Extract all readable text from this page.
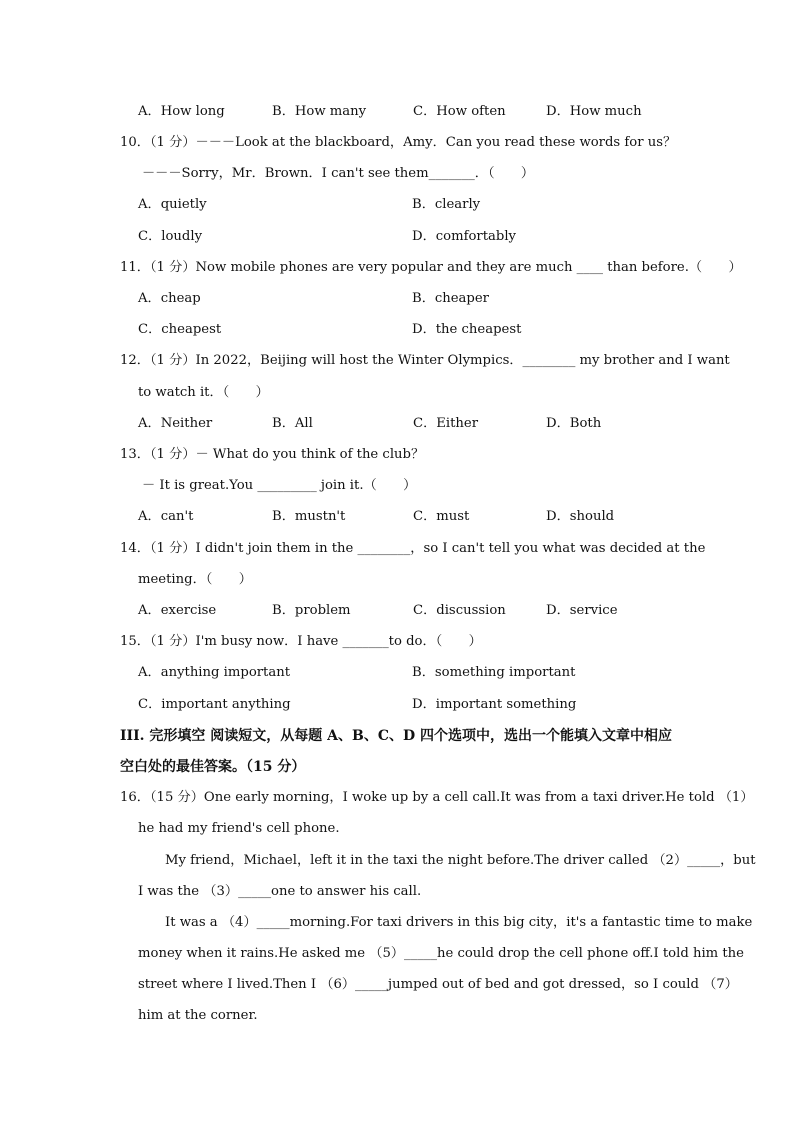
A．How long	B．How many	C．How often	D．How much
10．（1 分）－－－Look at the blackboard，Amy．Can you read these words for us？
－－－Sorry，Mr．Brown．I can't see them_______．（　　）
A．quietly	B．clearly
C．loudly	D．comfortably
11．（1 分）Now mobile phones are very popular and they are much ____ than before.（　　）
A．cheap	B．cheaper
C．cheapest	D．the cheapest
12．（1 分）In 2022，Beijing will host the Winter Olympics．________ my brother and I want
to watch it．（　　）
A．Neither	B．All	C．Either	D．Both
13．（1 分）－ What do you think of the club？
－ It is great.You _________ join it.（　　）
A．can't	B．mustn't	C．must	D．should
14．（1 分）I didn't join them in the ________，so I can't tell you what was decided at the
meeting．（　　）
A．exercise	B．problem	C．discussion	D．service
15．（1 分）I'm busy now．I have _______to do．（　　）
A．anything important	B．something important
C．important anything	D．important something
III. 完形填空 阅读短文，从每题 A、B、C、D 四个选项中，选出一个能填入文章中相应
空白处的最佳答案。（15 分）
16．（15 分）One early morning，I woke up by a cell call.It was from a taxi driver.He told （1）
he had my friend's cell phone.
My friend，Michael，left it in the taxi the night before.The driver called （2）_____，but
I was the （3）_____one to answer his call.
It was a （4）_____morning.For taxi drivers in this big city，it's a fantastic time to make
money when it rains.He asked me （5）_____he could drop the cell phone off.I told him the
street where I lived.Then I （6）_____jumped out of bed and got dressed，so I could （7）
him at the corner.
